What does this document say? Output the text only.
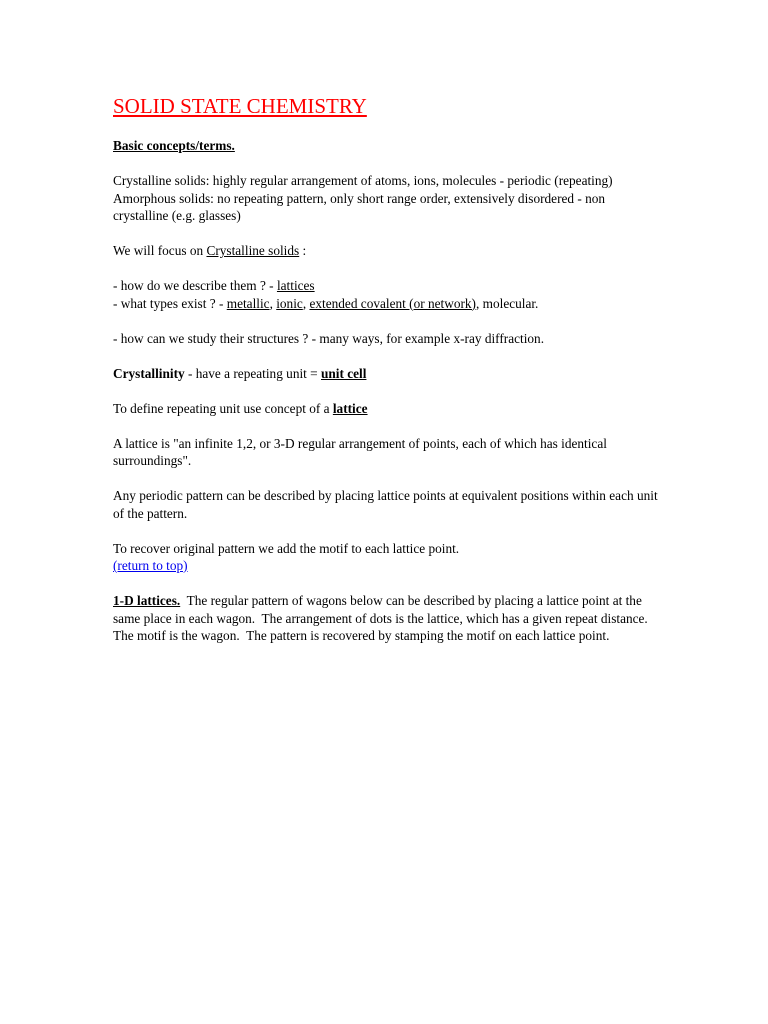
SOLID STATE CHEMISTRY

Basic concepts/terms.

Crystalline solids: highly regular arrangement of atoms, ions, molecules - periodic (repeating)
Amorphous solids: no repeating pattern, only short range order, extensively disordered - non crystalline (e.g. glasses)

We will focus on Crystalline solids :

- how do we describe them ? - lattices
- what types exist ? - metallic, ionic, extended covalent (or network), molecular.

- how can we study their structures ? - many ways, for example x-ray diffraction.

Crystallinity - have a repeating unit = unit cell

To define repeating unit use concept of a lattice

A lattice is "an infinite 1,2, or 3-D regular arrangement of points, each of which has identical surroundings".

Any periodic pattern can be described by placing lattice points at equivalent positions within each unit of the pattern.

To recover original pattern we add the motif to each lattice point.
(return to top)

1-D lattices.  The regular pattern of wagons below can be described by placing a lattice point at the same place in each wagon.  The arrangement of dots is the lattice, which has a given repeat distance.  The motif is the wagon.  The pattern is recovered by stamping the motif on each lattice point.
